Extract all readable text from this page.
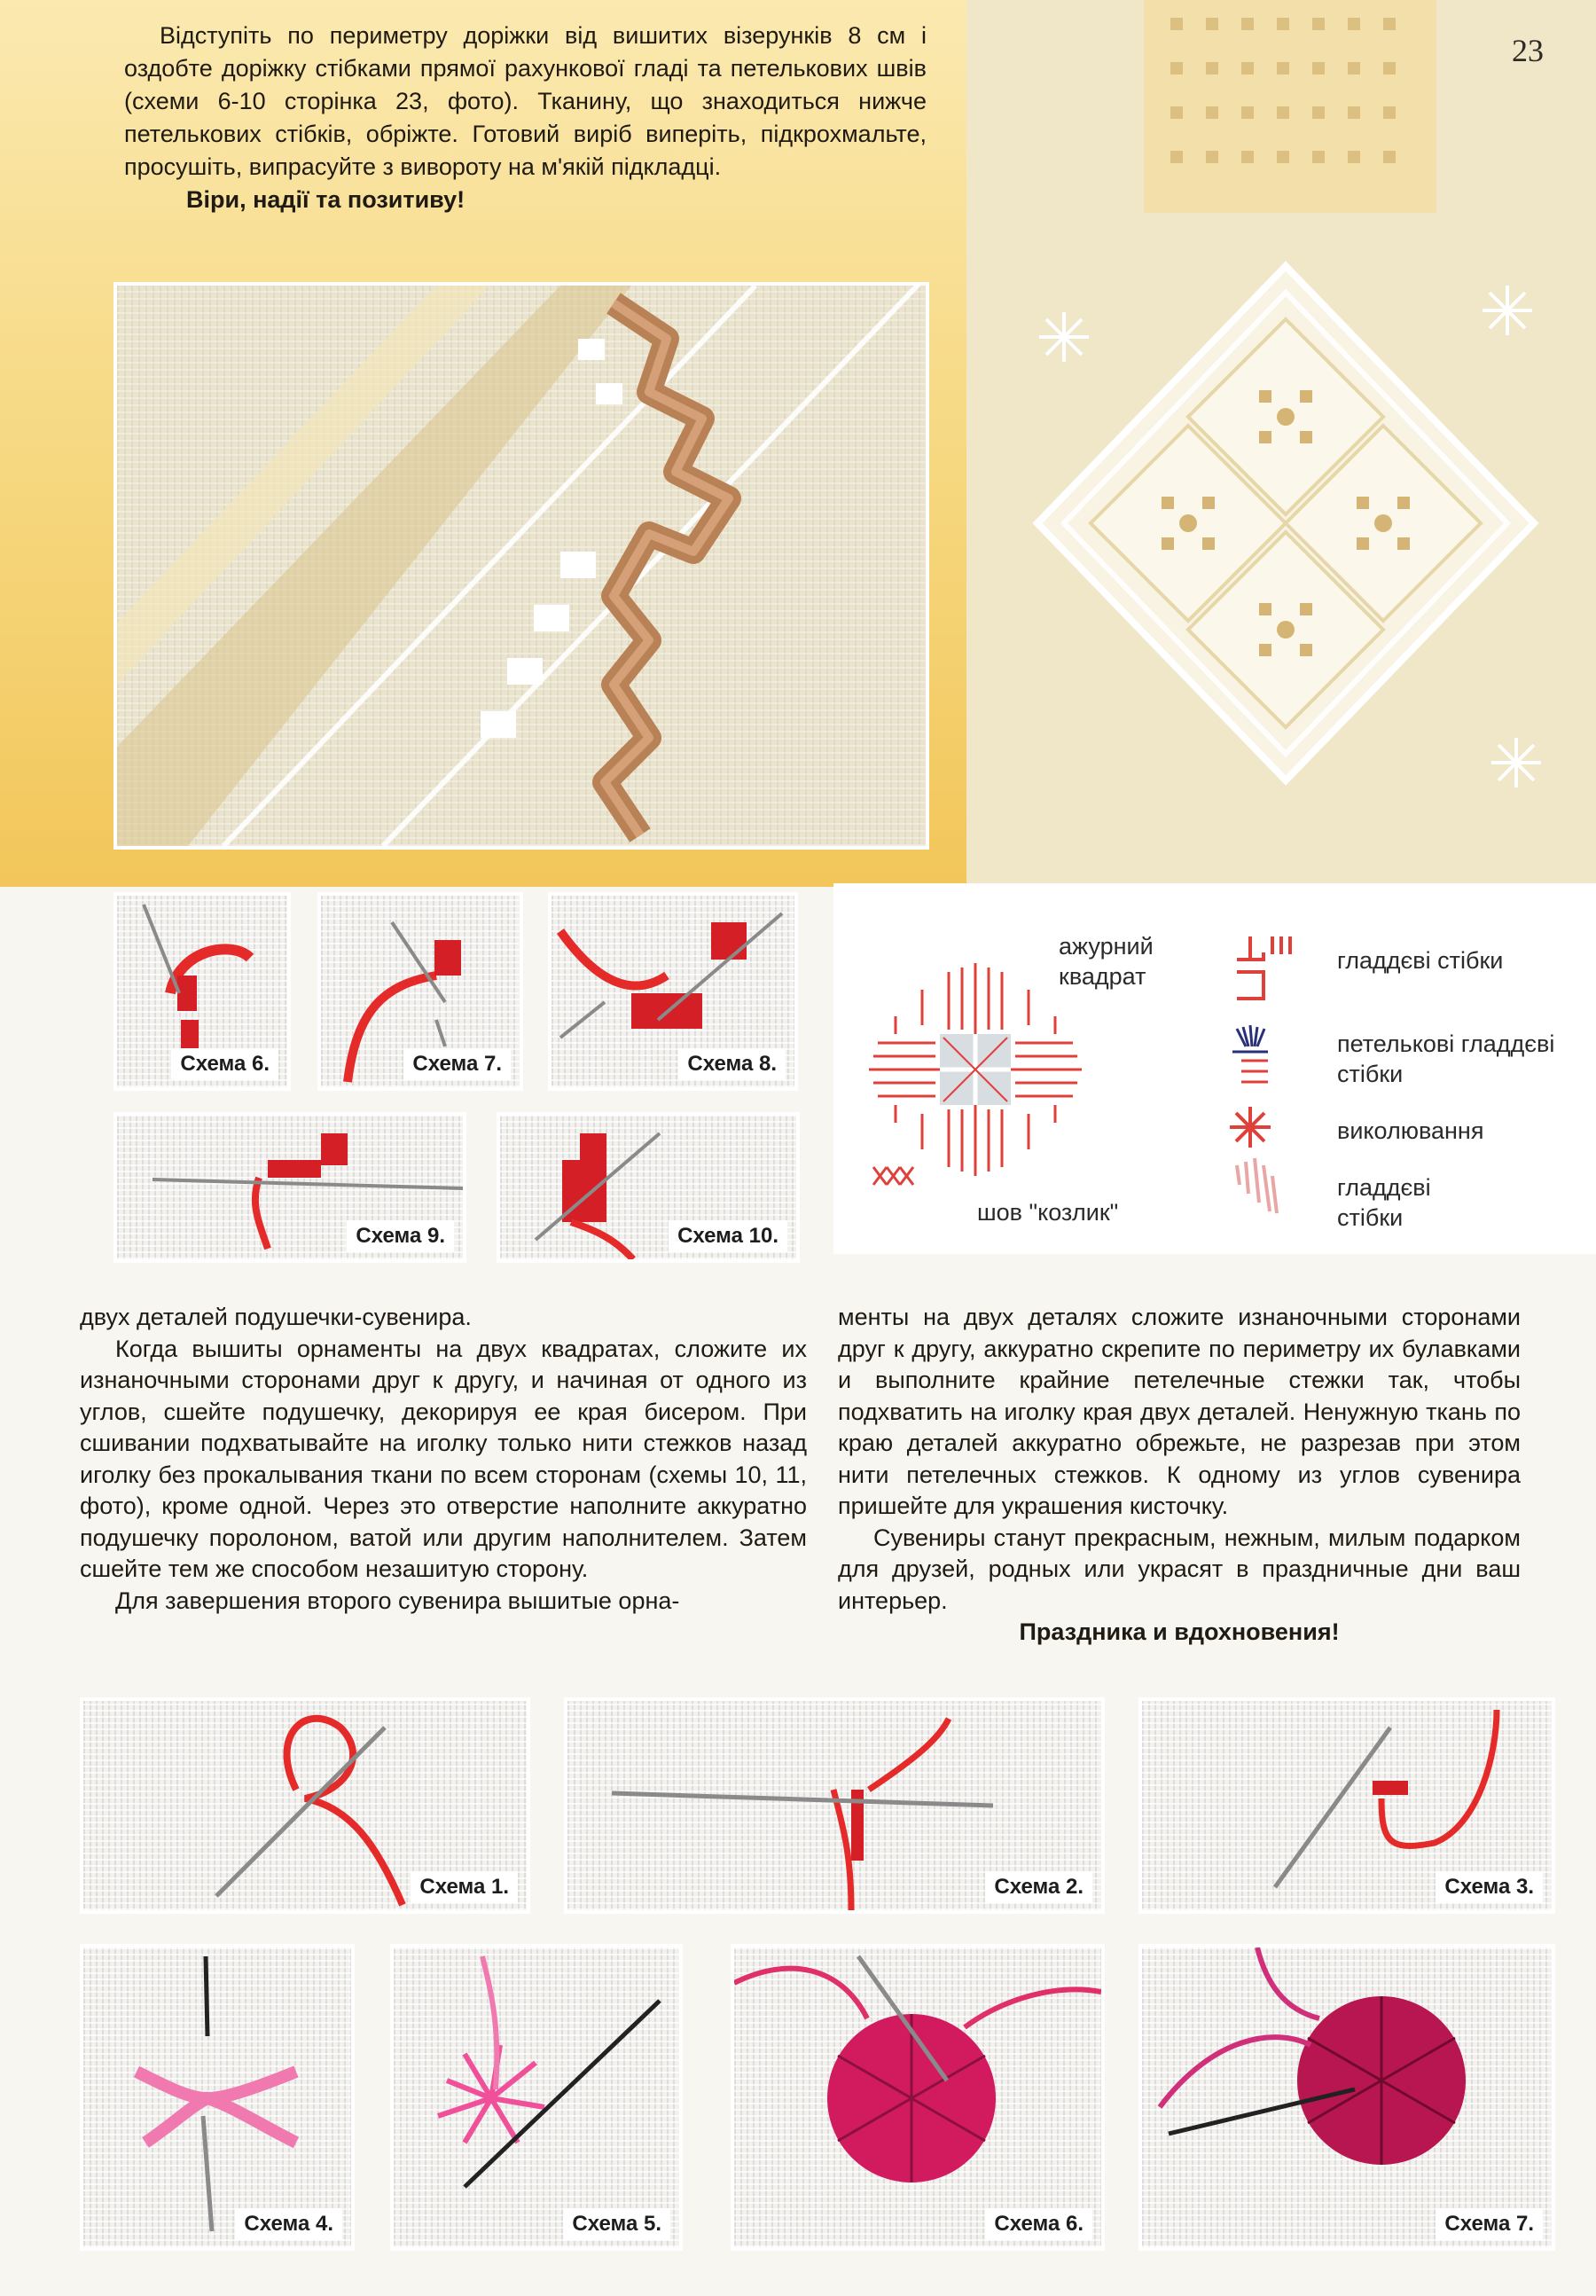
23

Відступіть по периметру доріжки від вишитих візерунків 8 см і оздобте доріжку стібками прямої рахункової гладі та петелькових швів (схеми 6-10 сторінка 23, фото). Тканину, що знаходиться нижче петелькових стібків, обріжте. Готовий виріб виперіть, підкрохмальте, просушіть, випрасуйте з вивороту на м'якій підкладці.

Віри, надії та позитиву!

Схема 6.	Схема 7.	Схема 8.
Схема 9.	Схема 10.
ажурний квадрат
гладдєві стібки
петелькові гладдєві стібки
виколювання
гладдєві стібки
шов "козлик"

двух деталей подушечки-сувенира.

Когда вышиты орнаменты на двух квадратах, сложите их изнаночными сторонами друг к другу, и начиная от одного из углов, сшейте подушечку, декорируя ее края бисером. При сшивании подхватывайте на иголку только нити стежков назад иголку без прокалывания ткани по всем сторонам (схемы 10, 11, фото), кроме одной. Через это отверстие наполните аккуратно подушечку поролоном, ватой или другим наполнителем. Затем сшейте тем же способом незашитую сторону.

Для завершения второго сувенира вышитые орна-

менты на двух деталях сложите изнаночными сторонами друг к другу, аккуратно скрепите по периметру их булавками и выполните крайние петелечные стежки так, чтобы подхватить на иголку края двух деталей. Ненужную ткань по краю деталей аккуратно обрежьте, не разрезав при этом нити петелечных стежков. К одному из углов сувенира пришейте для украшения кисточку.

Сувениры станут прекрасным, нежным, милым подарком для друзей, родных или украсят в праздничные дни ваш интерьер.

Праздника и вдохновения!

Схема 1.	Схема 2.	Схема 3.
Схема 4.	Схема 5.	Схема 6.	Схема 7.
